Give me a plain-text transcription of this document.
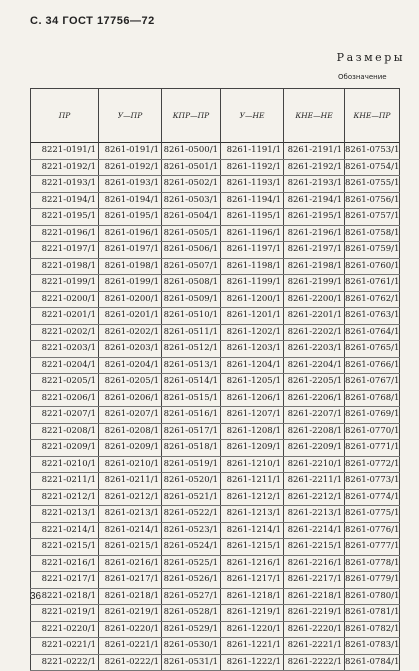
С. 34 ГОСТ 17756—72
Размеры
Обозначение
ПР	У—ПР	КПР—ПР	У—НЕ	КНЕ—НЕ	КНЕ—ПР
8221-0191/1	8261-0191/1	8261-0500/1	8261-1191/1	8261-2191/1	8261-0753/1
8221-0192/1	8261-0192/1	8261-0501/1	8261-1192/1	8261-2192/1	8261-0754/1
8221-0193/1	8261-0193/1	8261-0502/1	8261-1193/1	8261-2193/1	8261-0755/1
8221-0194/1	8261-0194/1	8261-0503/1	8261-1194/1	8261-2194/1	8261-0756/1
8221-0195/1	8261-0195/1	8261-0504/1	8261-1195/1	8261-2195/1	8261-0757/1
8221-0196/1	8261-0196/1	8261-0505/1	8261-1196/1	8261-2196/1	8261-0758/1
8221-0197/1	8261-0197/1	8261-0506/1	8261-1197/1	8261-2197/1	8261-0759/1
8221-0198/1	8261-0198/1	8261-0507/1	8261-1198/1	8261-2198/1	8261-0760/1
8221-0199/1	8261-0199/1	8261-0508/1	8261-1199/1	8261-2199/1	8261-0761/1
8221-0200/1	8261-0200/1	8261-0509/1	8261-1200/1	8261-2200/1	8261-0762/1
8221-0201/1	8261-0201/1	8261-0510/1	8261-1201/1	8261-2201/1	8261-0763/1
8221-0202/1	8261-0202/1	8261-0511/1	8261-1202/1	8261-2202/1	8261-0764/1
8221-0203/1	8261-0203/1	8261-0512/1	8261-1203/1	8261-2203/1	8261-0765/1
8221-0204/1	8261-0204/1	8261-0513/1	8261-1204/1	8261-2204/1	8261-0766/1
8221-0205/1	8261-0205/1	8261-0514/1	8261-1205/1	8261-2205/1	8261-0767/1
8221-0206/1	8261-0206/1	8261-0515/1	8261-1206/1	8261-2206/1	8261-0768/1
8221-0207/1	8261-0207/1	8261-0516/1	8261-1207/1	8261-2207/1	8261-0769/1
8221-0208/1	8261-0208/1	8261-0517/1	8261-1208/1	8261-2208/1	8261-0770/1
8221-0209/1	8261-0209/1	8261-0518/1	8261-1209/1	8261-2209/1	8261-0771/1
8221-0210/1	8261-0210/1	8261-0519/1	8261-1210/1	8261-2210/1	8261-0772/1
8221-0211/1	8261-0211/1	8261-0520/1	8261-1211/1	8261-2211/1	8261-0773/1
8221-0212/1	8261-0212/1	8261-0521/1	8261-1212/1	8261-2212/1	8261-0774/1
8221-0213/1	8261-0213/1	8261-0522/1	8261-1213/1	8261-2213/1	8261-0775/1
8221-0214/1	8261-0214/1	8261-0523/1	8261-1214/1	8261-2214/1	8261-0776/1
8221-0215/1	8261-0215/1	8261-0524/1	8261-1215/1	8261-2215/1	8261-0777/1
8221-0216/1	8261-0216/1	8261-0525/1	8261-1216/1	8261-2216/1	8261-0778/1
8221-0217/1	8261-0217/1	8261-0526/1	8261-1217/1	8261-2217/1	8261-0779/1
8221-0218/1	8261-0218/1	8261-0527/1	8261-1218/1	8261-2218/1	8261-0780/1
8221-0219/1	8261-0219/1	8261-0528/1	8261-1219/1	8261-2219/1	8261-0781/1
8221-0220/1	8261-0220/1	8261-0529/1	8261-1220/1	8261-2220/1	8261-0782/1
8221-0221/1	8261-0221/1	8261-0530/1	8261-1221/1	8261-2221/1	8261-0783/1
8221-0222/1	8261-0222/1	8261-0531/1	8261-1222/1	8261-2222/1	8261-0784/1
36
